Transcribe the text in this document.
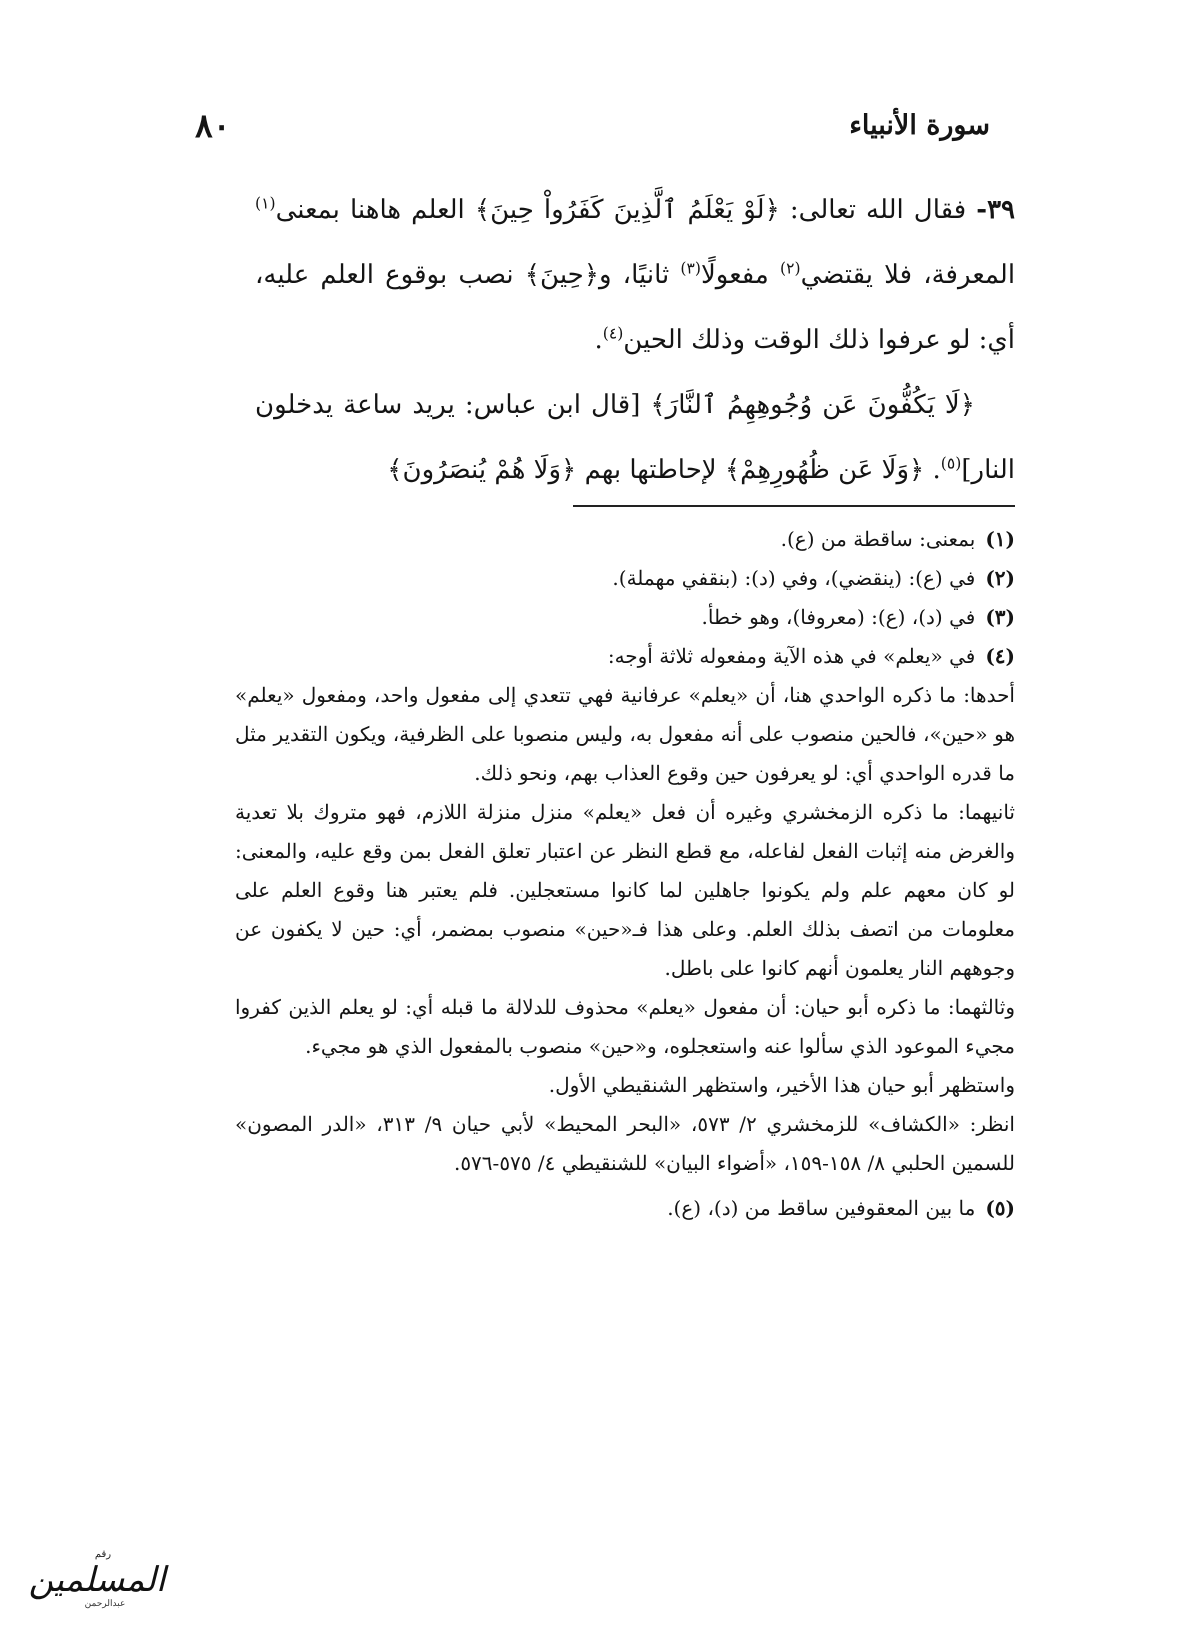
سورة الأنبياء
٨٠

٣٩- فقال الله تعالى: ﴿لَوْ يَعْلَمُ ٱلَّذِينَ كَفَرُواْ حِينَ﴾ العلم هاهنا بمعنى$^{(١)}$ المعرفة، فلا يقتضي$^{(٢)}$ مفعولًا$^{(٣)}$ ثانيًا، و﴿حِينَ﴾ نصب بوقوع العلم عليه، أي: لو عرفوا ذلك الوقت وذلك الحين$^{(٤)}$.

﴿لَا يَكُفُّونَ عَن وُجُوهِهِمُ ٱلنَّارَ﴾ [قال ابن عباس: يريد ساعة يدخلون النار]$^{(٥)}$. ﴿وَلَا عَن ظُهُورِهِمْ﴾ لإحاطتها بهم ﴿وَلَا هُمْ يُنصَرُونَ﴾

(١)بمعنى: ساقطة من (ع).

(٢)في (ع): (ينقضي)، وفي (د): (بنقفي مهملة).

(٣)في (د)، (ع): (معروفا)، وهو خطأ.

(٤)في «يعلم» في هذه الآية ومفعوله ثلاثة أوجه:

أحدها: ما ذكره الواحدي هنا، أن «يعلم» عرفانية فهي تتعدي إلى مفعول واحد، ومفعول «يعلم» هو «حين»، فالحين منصوب على أنه مفعول به، وليس منصوبا على الظرفية، ويكون التقدير مثل ما قدره الواحدي أي: لو يعرفون حين وقوع العذاب بهم، ونحو ذلك.

ثانيهما: ما ذكره الزمخشري وغيره أن فعل «يعلم» منزل منزلة اللازم، فهو متروك بلا تعدية والغرض منه إثبات الفعل لفاعله، مع قطع النظر عن اعتبار تعلق الفعل بمن وقع عليه، والمعنى: لو كان معهم علم ولم يكونوا جاهلين لما كانوا مستعجلين. فلم يعتبر هنا وقوع العلم على معلومات من اتصف بذلك العلم. وعلى هذا فـ«حين» منصوب بمضمر، أي: حين لا يكفون عن وجوههم النار يعلمون أنهم كانوا على باطل.

وثالثهما: ما ذكره أبو حيان: أن مفعول «يعلم» محذوف للدلالة ما قبله أي: لو يعلم الذين كفروا مجيء الموعود الذي سألوا عنه واستعجلوه، و«حين» منصوب بالمفعول الذي هو مجيء.

واستظهر أبو حيان هذا الأخير، واستظهر الشنقيطي الأول.

انظر: «الكشاف» للزمخشري ٢/ ٥٧٣، «البحر المحيط» لأبي حيان ٩/ ٣١٣، «الدر المصون» للسمين الحلبي ٨/ ١٥٨-١٥٩، «أضواء البيان» للشنقيطي ٤/ ٥٧٥-٥٧٦.

(٥)ما بين المعقوفين ساقط من (د)، (ع).

رقم
المسلمين
عبدالرحمن
